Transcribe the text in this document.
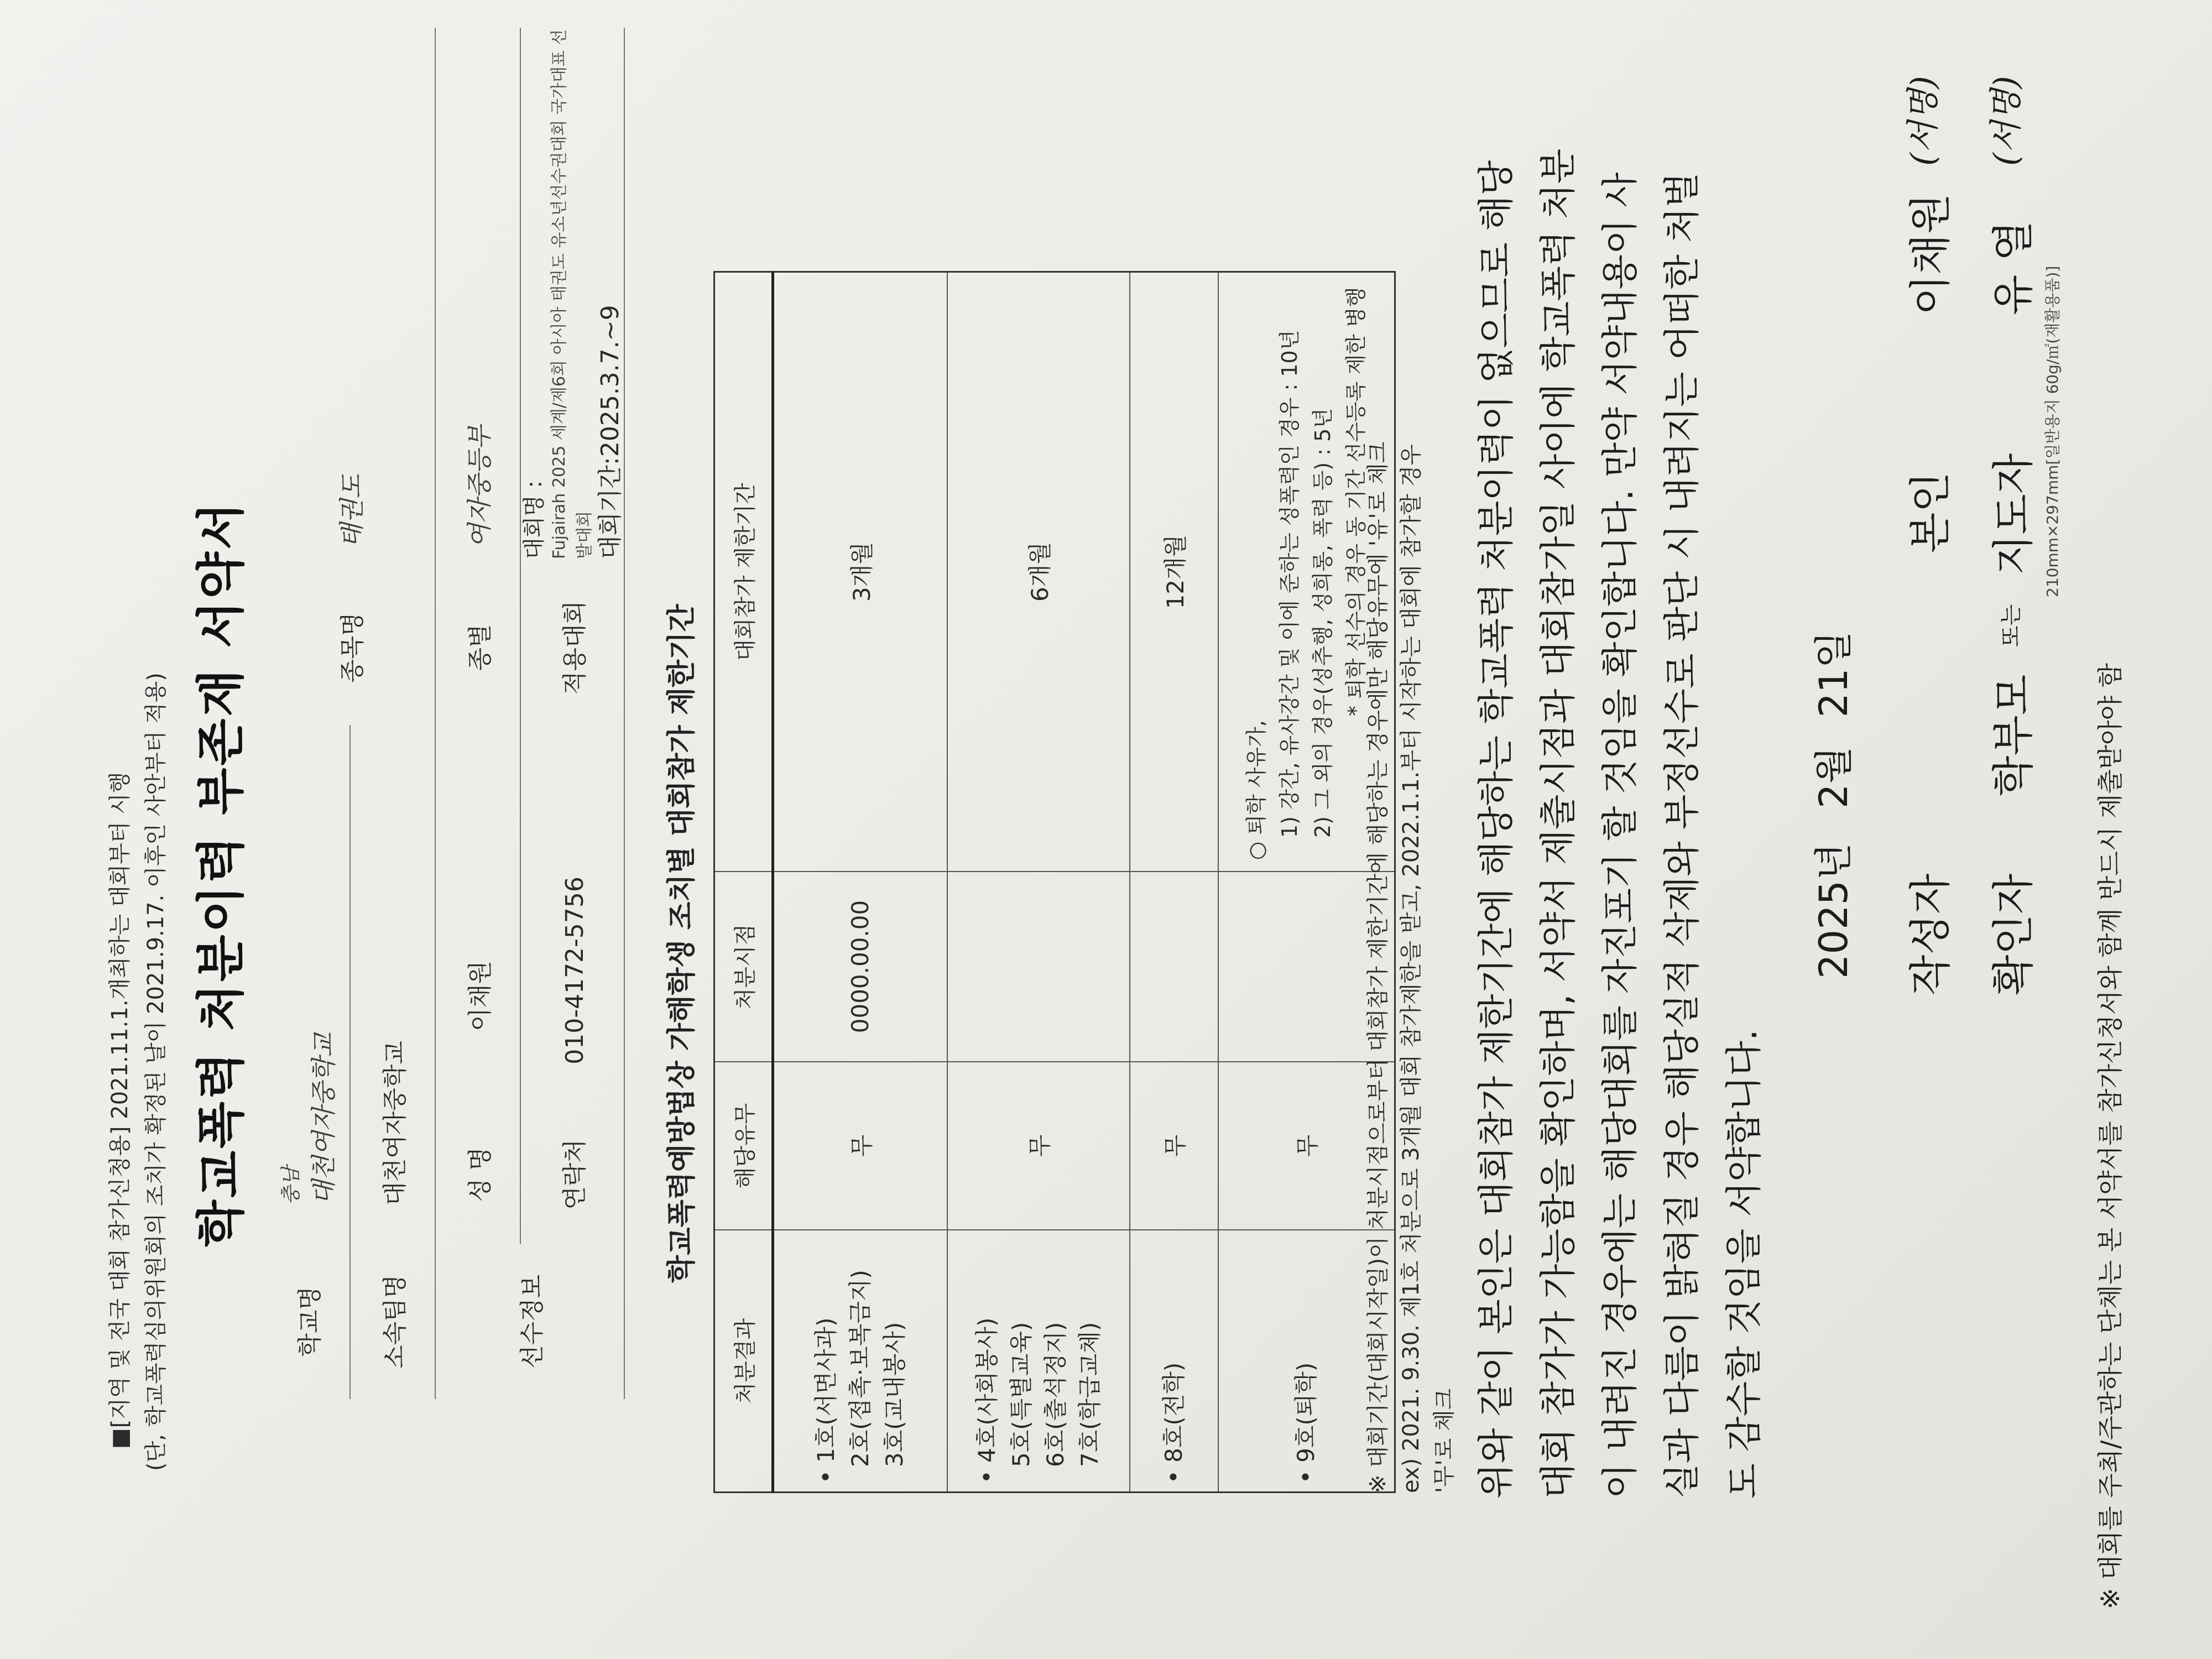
■[지역 및 전국 대회 참가신청용] 2021.11.1.개최하는 대회부터 시행 (단, 학교폭력심의위원회의 조치가 확정된 날이 2021.9.17. 이후인 사안부터 적용) 학교폭력 처분이력 부존재 서약서
학교명	충남 대천여자중학교	종목명	태권도
소속팀명	대천여자중학교		
선수정보	성 명 이채원	종별	여자중등부
	연락처 010-4172-5756	적용대회	대회명 : Fujairah 2025 세계/제6회 아시아 태권도 유소년선수권대회 국가대표 선발대회 대회기간:2025.3.7.~9
학교폭력예방법상 가해학생 조치별 대회참가 제한기간
처분결과	해당유무	처분시점	대회참가 제한기간

• 1호(서면사과) 2호(접촉·보복금지) 3호(교내봉사)	무	0000.00.00	3개월

• 4호(사회봉사) 5호(특별교육) 6호(출석정지) 7호(학급교체)	무		6개월

• 8호(전학)	무		12개월

• 9호(퇴학)	무		○ 퇴학 사유가, 1) 강간, 유사강간 및 이에 준하는 성폭력인 경우 : 10년 2) 그 외의 경우(성추행, 성희롱, 폭력 등) : 5년 * 퇴학 선수의 경우 동 기간 선수등록 제한 병행
※ 대회기간(대회시작일)이 처분시점으로부터 대회참가 제한기간에 해당하는 경우에만 해당유무에 '유'로 체크 ex) 2021. 9.30. 제1호 처분으로 3개월 대회 참가제한을 받고, 2022.1.1.부터 시작하는 대회에 참가할 경우 '무'로 체크 위와 같이 본인은 대회참가 제한기간에 해당하는 학교폭력 처분이력이 없으므로 해당 대회 참가가 가능함을 확인하며, 서약서 제출시점과 대회참가일 사이에 학교폭력 처분이 내려진 경우에는 해당대회를 자진포기 할 것임을 확인합니다. 만약 서약내용이 사실과 다름이 밝혀질 경우 해당실적 삭제와 부정선수로 판단 시 내려지는 어떠한 처벌도 감수할 것임을 서약합니다.
2025년 2월 21일
작성자
본인
이채원
(서명)
확인자
학부모
또는
지도자
유 열
(서명)
210mm×297mm[일반용지 60g/㎡(재활용품)]
※ 대회를 주최/주관하는 단체는 본 서약서를 참가신청서와 함께 반드시 제출받아야 함
